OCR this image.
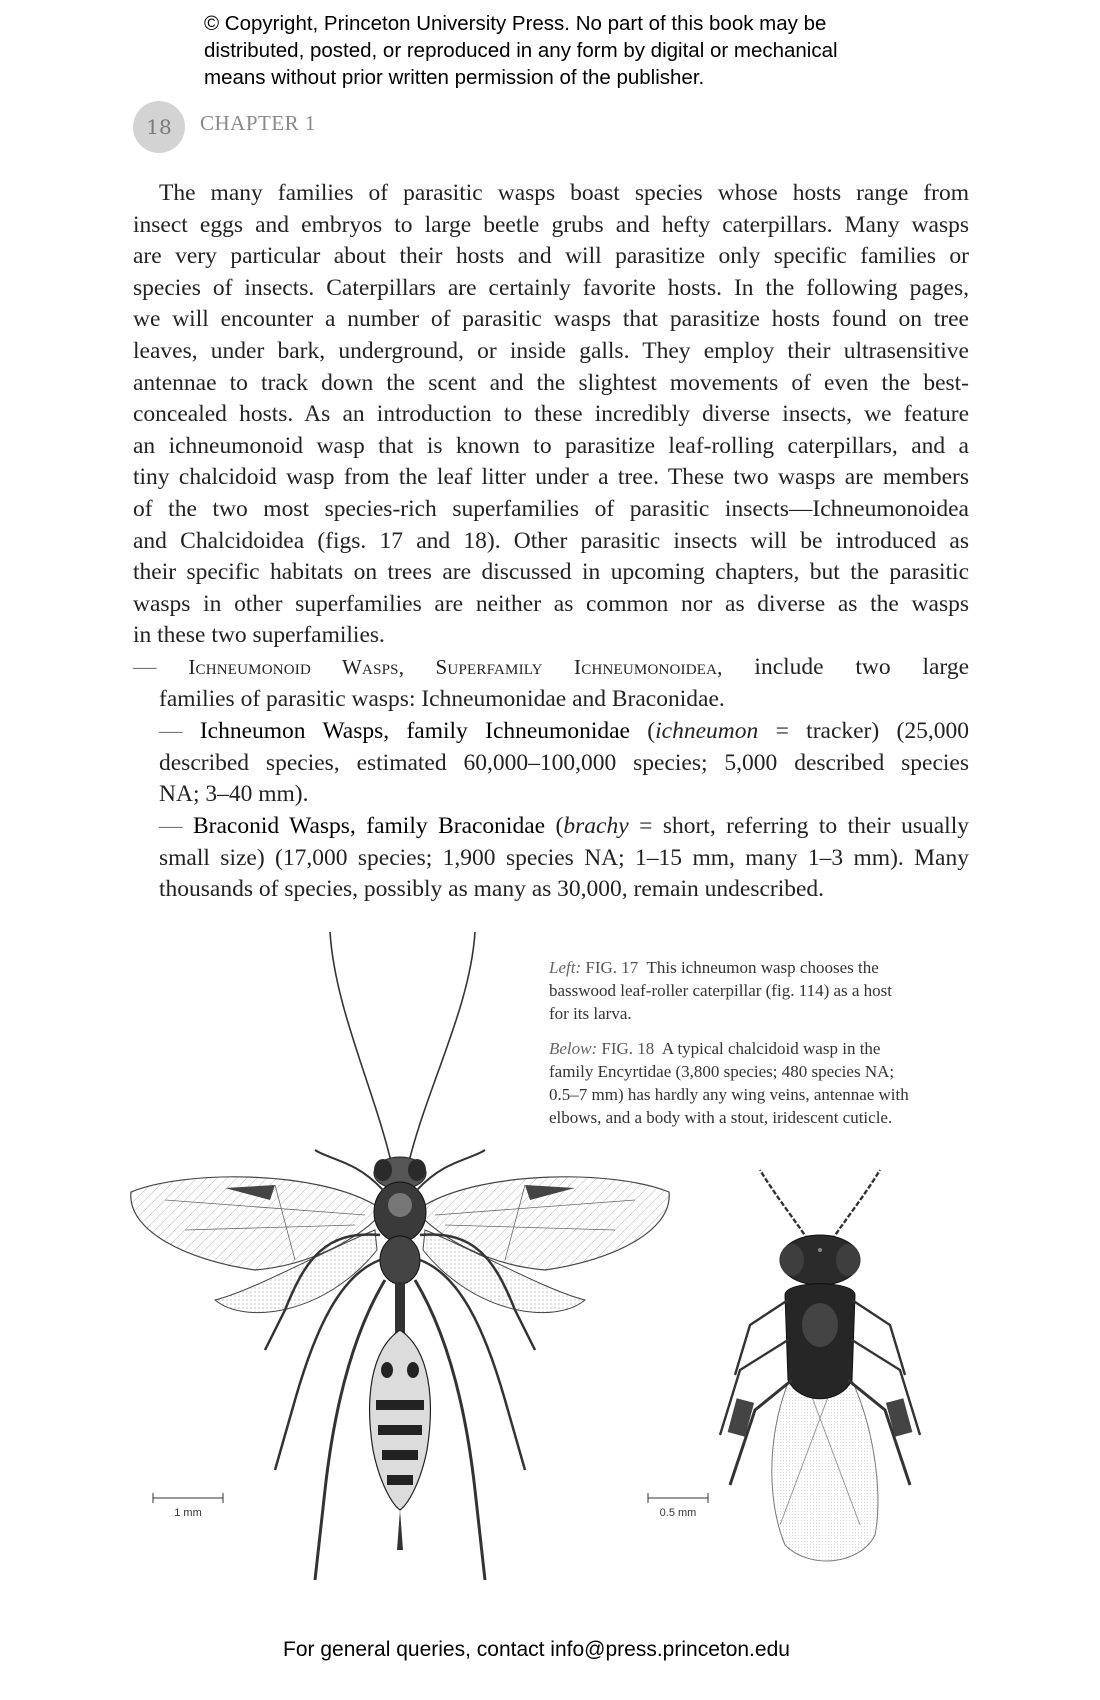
© Copyright, Princeton University Press. No part of this book may be
distributed, posted, or reproduced in any form by digital or mechanical
means without prior written permission of the publisher.
18	CHAPTER 1
The many families of parasitic wasps boast species whose hosts range from
insect eggs and embryos to large beetle grubs and hefty caterpillars. Many wasps
are very particular about their hosts and will parasitize only specific families or
species of insects. Caterpillars are certainly favorite hosts. In the following pages,
we will encounter a number of parasitic wasps that parasitize hosts found on tree
leaves, under bark, underground, or inside galls. They employ their ultrasensitive
antennae to track down the scent and the slightest movements of even the best-
concealed hosts. As an introduction to these incredibly diverse insects, we feature
an ichneumonoid wasp that is known to parasitize leaf-rolling caterpillars, and a
tiny chalcidoid wasp from the leaf litter under a tree. These two wasps are members
of the two most species-rich superfamilies of parasitic insects—Ichneumonoidea
and Chalcidoidea (figs. 17 and 18). Other parasitic insects will be introduced as
their specific habitats on trees are discussed in upcoming chapters, but the parasitic
wasps in other superfamilies are neither as common nor as diverse as the wasps
in these two superfamilies.
— Ichneumonoid Wasps, Superfamily Ichneumonoidea, include two large
families of parasitic wasps: Ichneumonidae and Braconidae.
— Ichneumon Wasps, family Ichneumonidae (ichneumon = tracker) (25,000
described species, estimated 60,000–100,000 species; 5,000 described species
NA; 3–40 mm).
— Braconid Wasps, family Braconidae (brachy = short, referring to their usually
small size) (17,000 species; 1,900 species NA; 1–15 mm, many 1–3 mm). Many
thousands of species, possibly as many as 30,000, remain undescribed.
Left: FIG. 17 This ichneumon wasp chooses the
basswood leaf-roller caterpillar (fig. 114) as a host
for its larva.
Below: FIG. 18 A typical chalcidoid wasp in the
family Encyrtidae (3,800 species; 480 species NA;
0.5–7 mm) has hardly any wing veins, antennae with
elbows, and a body with a stout, iridescent cuticle.
1 mm	0.5 mm
For general queries, contact info@press.princeton.edu
